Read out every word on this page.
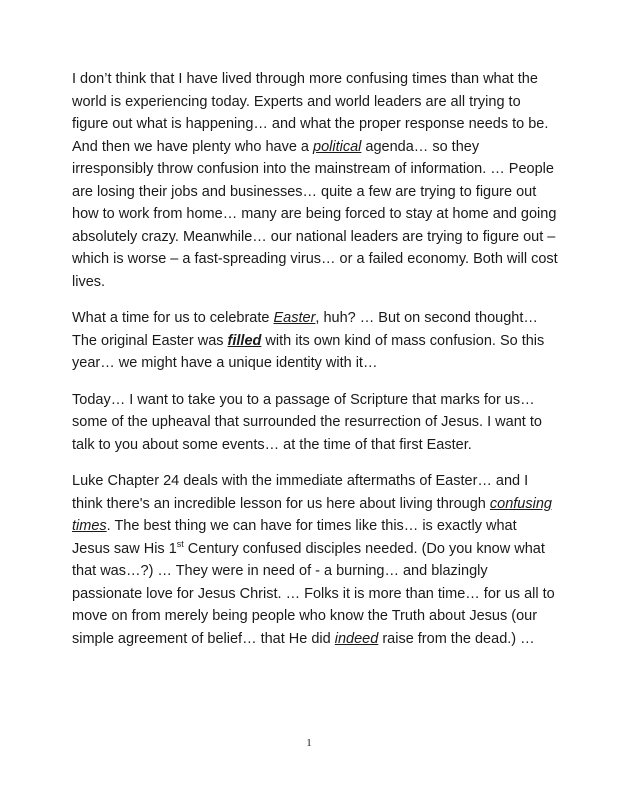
I don’t think that I have lived through more confusing times than what the world is experiencing today. Experts and world leaders are all trying to figure out what is happening… and what the proper response needs to be. And then we have plenty who have a political agenda… so they irresponsibly throw confusion into the mainstream of information. … People are losing their jobs and businesses… quite a few are trying to figure out how to work from home… many are being forced to stay at home and going absolutely crazy. Meanwhile… our national leaders are trying to figure out – which is worse – a fast-spreading virus… or a failed economy. Both will cost lives.

What a time for us to celebrate Easter, huh? … But on second thought… The original Easter was filled with its own kind of mass confusion. So this year… we might have a unique identity with it…

Today… I want to take you to a passage of Scripture that marks for us… some of the upheaval that surrounded the resurrection of Jesus. I want to talk to you about some events… at the time of that first Easter.

Luke Chapter 24 deals with the immediate aftermaths of Easter… and I think there's an incredible lesson for us here about living through confusing times. The best thing we can have for times like this… is exactly what Jesus saw His 1st Century confused disciples needed. (Do you know what that was…?) … They were in need of - a burning… and blazingly passionate love for Jesus Christ. … Folks it is more than time… for us all to move on from merely being people who know the Truth about Jesus (our simple agreement of belief… that He did indeed raise from the dead.) …

1
